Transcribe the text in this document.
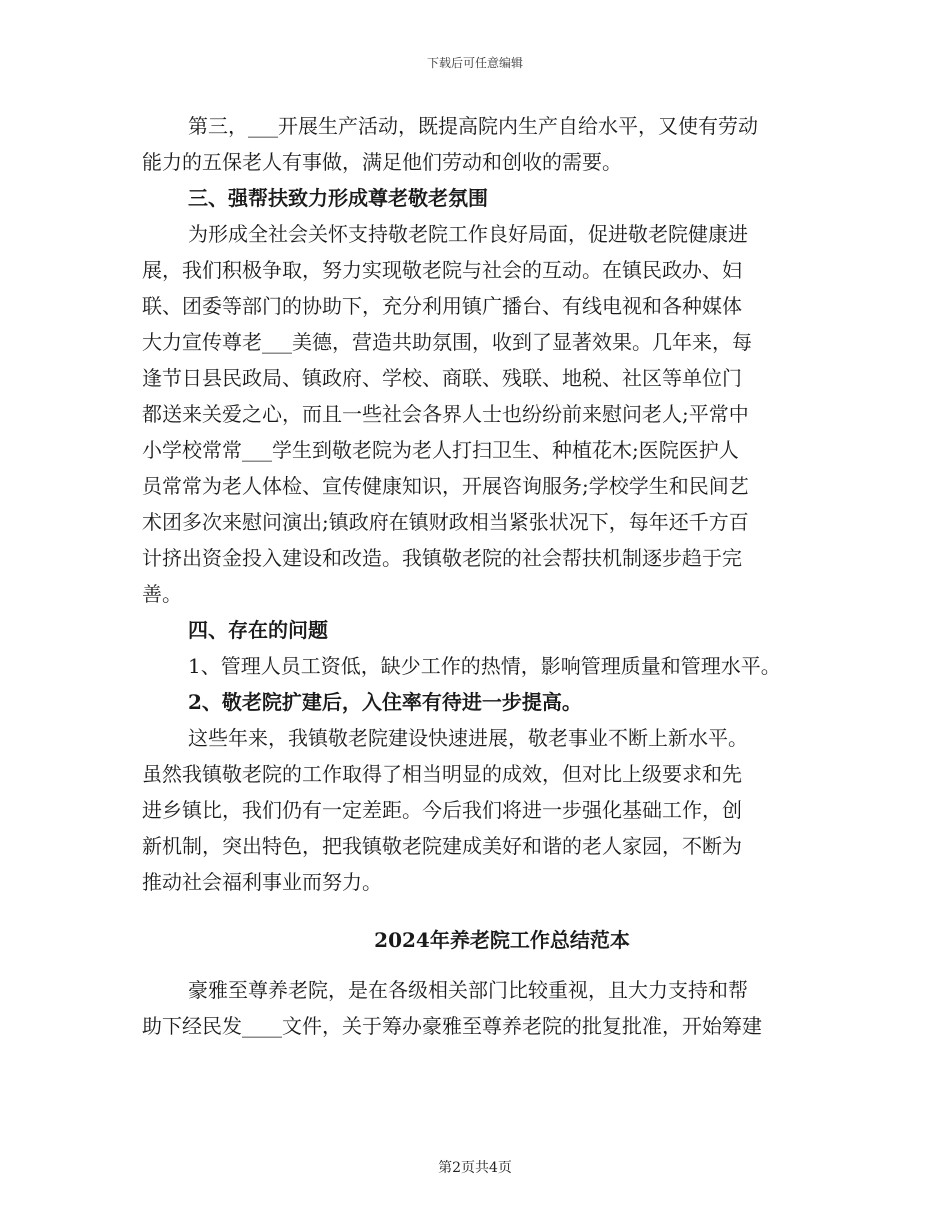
下载后可任意编辑
第三，___开展生产活动，既提高院内生产自给水平，又使有劳动
能力的五保老人有事做，满足他们劳动和创收的需要。
三、强帮扶致力形成尊老敬老氛围
为形成全社会关怀支持敬老院工作良好局面，促进敬老院健康进
展，我们积极争取，努力实现敬老院与社会的互动。在镇民政办、妇
联、团委等部门的协助下，充分利用镇广播台、有线电视和各种媒体
大力宣传尊老___美德，营造共助氛围，收到了显著效果。几年来，每
逢节日县民政局、镇政府、学校、商联、残联、地税、社区等单位门
都送来关爱之心，而且一些社会各界人士也纷纷前来慰问老人;平常中
小学校常常___学生到敬老院为老人打扫卫生、种植花木;医院医护人
员常常为老人体检、宣传健康知识，开展咨询服务;学校学生和民间艺
术团多次来慰问演出;镇政府在镇财政相当紧张状况下，每年还千方百
计挤出资金投入建设和改造。我镇敬老院的社会帮扶机制逐步趋于完
善。
四、存在的问题
1、管理人员工资低，缺少工作的热情，影响管理质量和管理水平。
2、敬老院扩建后，入住率有待进一步提高。
这些年来，我镇敬老院建设快速进展，敬老事业不断上新水平。
虽然我镇敬老院的工作取得了相当明显的成效，但对比上级要求和先
进乡镇比，我们仍有一定差距。今后我们将进一步强化基础工作，创
新机制，突出特色，把我镇敬老院建成美好和谐的老人家园，不断为
推动社会福利事业而努力。
2024年养老院工作总结范本
豪雅至尊养老院，是在各级相关部门比较重视，且大力支持和帮
助下经民发____文件，关于筹办豪雅至尊养老院的批复批准，开始筹建
第2页共4页
